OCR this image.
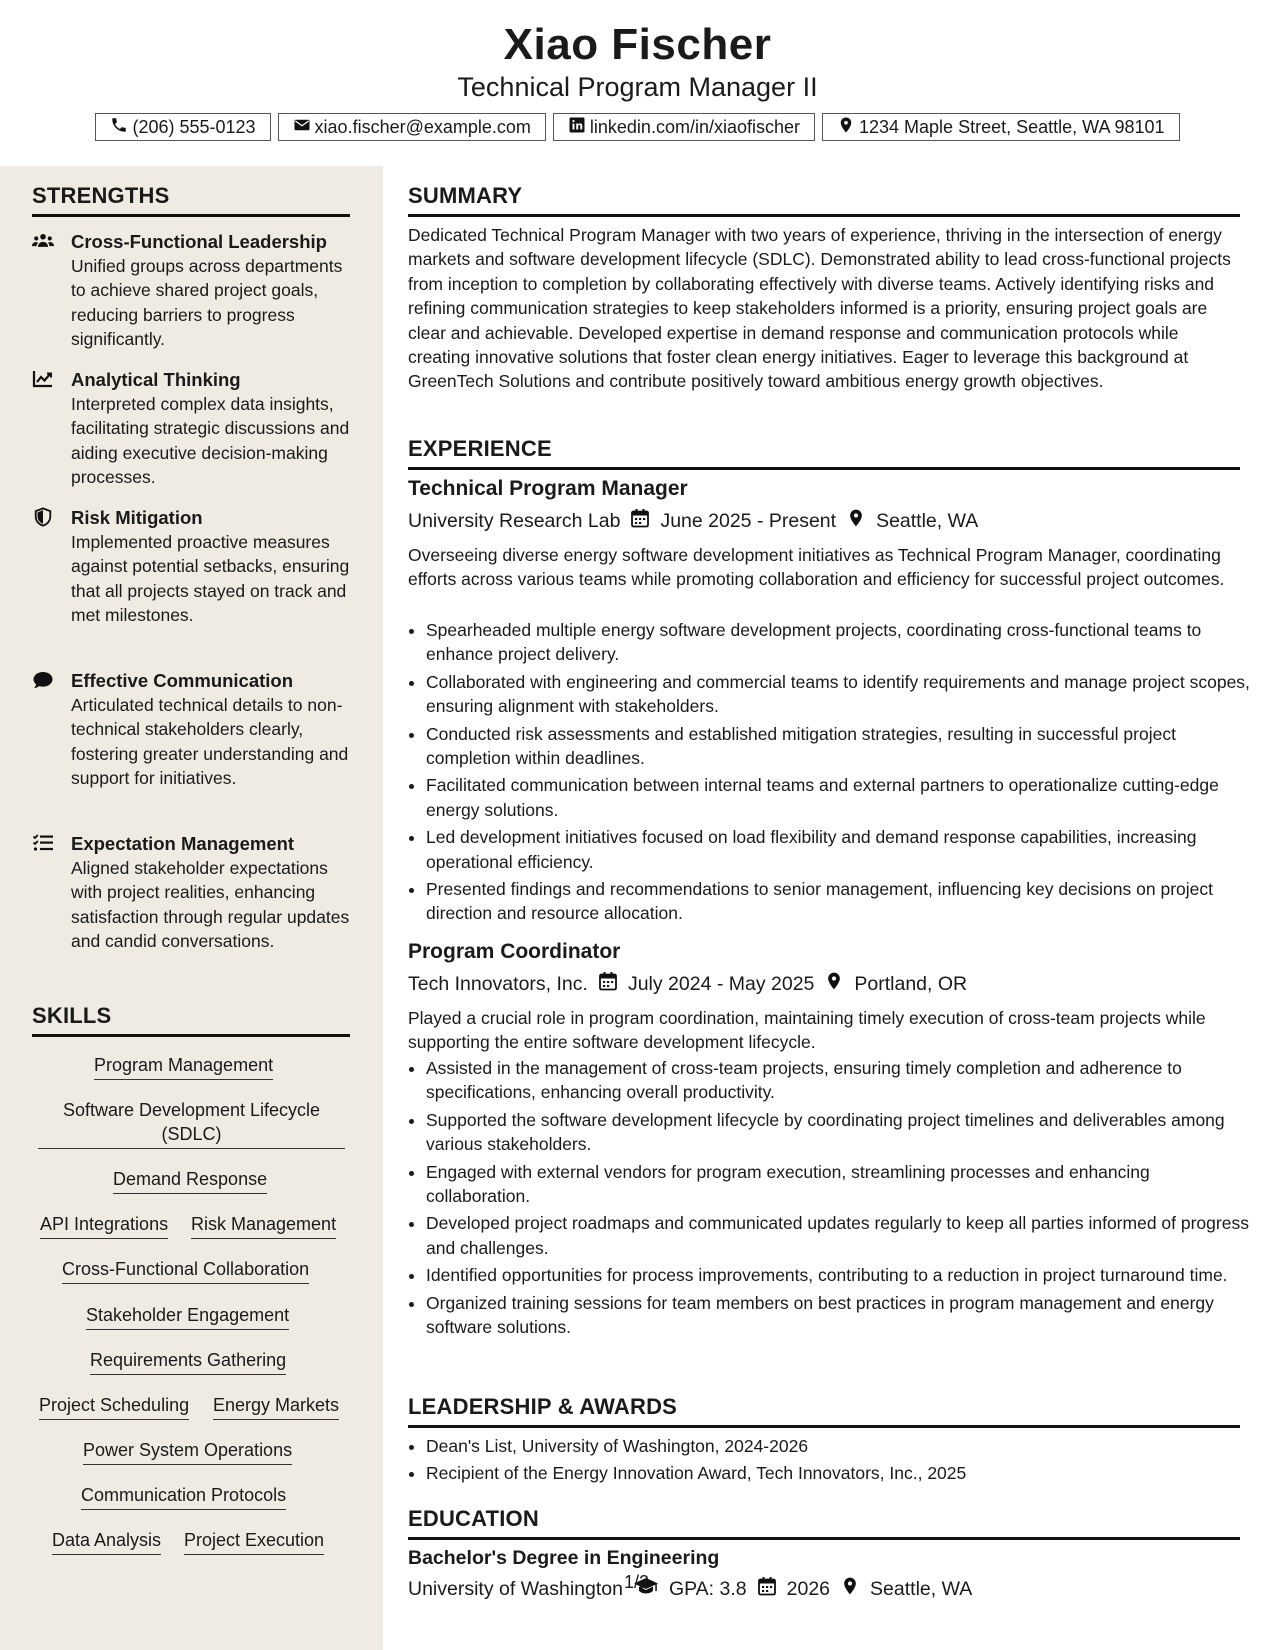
Xiao Fischer
Technical Program Manager II
(206) 555-0123	xiao.fischer@example.com	linkedin.com/in/xiaofischer	1234 Maple Street, Seattle, WA 98101
STRENGTHS
Cross-Functional Leadership
Unified groups across departments to achieve shared project goals, reducing barriers to progress significantly.
Analytical Thinking
Interpreted complex data insights, facilitating strategic discussions and aiding executive decision-making processes.
Risk Mitigation
Implemented proactive measures against potential setbacks, ensuring that all projects stayed on track and met milestones.
Effective Communication
Articulated technical details to non-technical stakeholders clearly, fostering greater understanding and support for initiatives.
Expectation Management
Aligned stakeholder expectations with project realities, enhancing satisfaction through regular updates and candid conversations.
SKILLS
Program Management
Software Development Lifecycle (SDLC)
Demand Response
API Integrations Risk Management
Cross-Functional Collaboration
Stakeholder Engagement
Requirements Gathering
Project Scheduling Energy Markets
Power System Operations
Communication Protocols
Data Analysis Project Execution
SUMMARY
Dedicated Technical Program Manager with two years of experience, thriving in the intersection of energy markets and software development lifecycle (SDLC). Demonstrated ability to lead cross-functional projects from inception to completion by collaborating effectively with diverse teams. Actively identifying risks and refining communication strategies to keep stakeholders informed is a priority, ensuring project goals are clear and achievable. Developed expertise in demand response and communication protocols while creating innovative solutions that foster clean energy initiatives. Eager to leverage this background at GreenTech Solutions and contribute positively toward ambitious energy growth objectives.
EXPERIENCE
Technical Program Manager
University Research Lab June 2025 - Present Seattle, WA
Overseeing diverse energy software development initiatives as Technical Program Manager, coordinating efforts across various teams while promoting collaboration and efficiency for successful project outcomes.
• Spearheaded multiple energy software development projects, coordinating cross-functional teams to enhance project delivery.
• Collaborated with engineering and commercial teams to identify requirements and manage project scopes, ensuring alignment with stakeholders.
• Conducted risk assessments and established mitigation strategies, resulting in successful project completion within deadlines.
• Facilitated communication between internal teams and external partners to operationalize cutting-edge energy solutions.
• Led development initiatives focused on load flexibility and demand response capabilities, increasing operational efficiency.
• Presented findings and recommendations to senior management, influencing key decisions on project direction and resource allocation.
Program Coordinator
Tech Innovators, Inc. July 2024 - May 2025 Portland, OR
Played a crucial role in program coordination, maintaining timely execution of cross-team projects while supporting the entire software development lifecycle.
• Assisted in the management of cross-team projects, ensuring timely completion and adherence to specifications, enhancing overall productivity.
• Supported the software development lifecycle by coordinating project timelines and deliverables among various stakeholders.
• Engaged with external vendors for program execution, streamlining processes and enhancing collaboration.
• Developed project roadmaps and communicated updates regularly to keep all parties informed of progress and challenges.
• Identified opportunities for process improvements, contributing to a reduction in project turnaround time.
• Organized training sessions for team members on best practices in program management and energy software solutions.
LEADERSHIP & AWARDS
• Dean's List, University of Washington, 2024-2026
• Recipient of the Energy Innovation Award, Tech Innovators, Inc., 2025
EDUCATION
Bachelor's Degree in Engineering
University of Washington GPA: 3.8 2026 Seattle, WA
1/2
